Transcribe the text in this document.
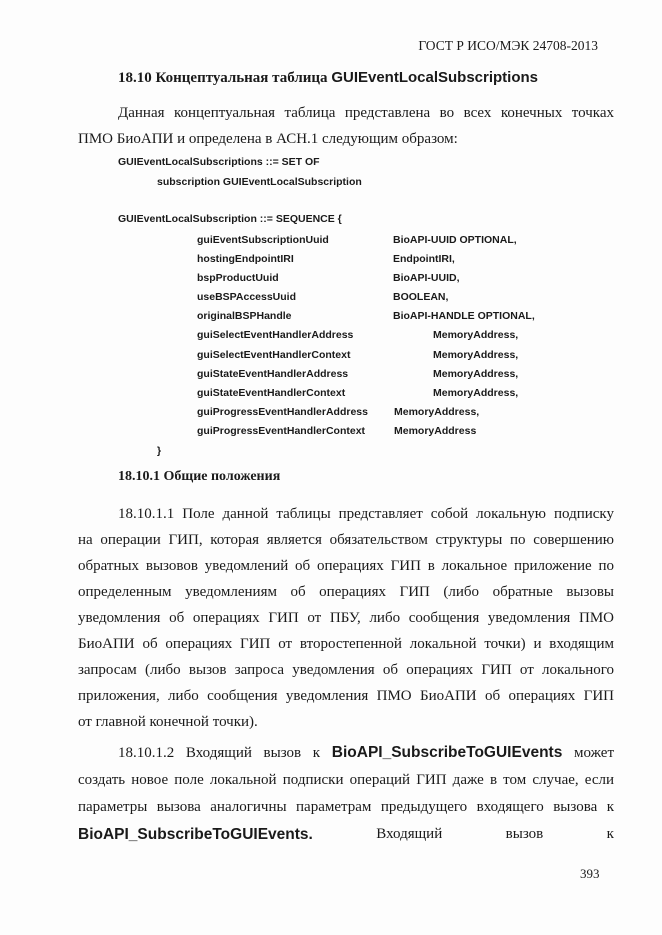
ГОСТ Р ИСО/МЭК 24708-2013
18.10 Концептуальная таблица GUIEventLocalSubscriptions

Данная концептуальная таблица представлена во всех конечных точках

ПМО БиоАПИ и определена в АСН.1 следующим образом:

GUIEventLocalSubscriptions ::= SET OF
subscription GUIEventLocalSubscription
GUIEventLocalSubscription ::= SEQUENCE {
guiEventSubscriptionUuid	BioAPI-UUID OPTIONAL,
hostingEndpointIRI	EndpointIRI,
bspProductUuid	BioAPI-UUID,
useBSPAccessUuid	BOOLEAN,
originalBSPHandle	BioAPI-HANDLE OPTIONAL,
guiSelectEventHandlerAddress	MemoryAddress,
guiSelectEventHandlerContext	MemoryAddress,
guiStateEventHandlerAddress	MemoryAddress,
guiStateEventHandlerContext	MemoryAddress,
guiProgressEventHandlerAddress MemoryAddress,
guiProgressEventHandlerContext	MemoryAddress
}
18.10.1 Общие положения

18.10.1.1 Поле данной таблицы представляет собой локальную подписку

на операции ГИП, которая является обязательством структуры по совершению

обратных вызовов уведомлений об операциях ГИП в локальное приложение по

определенным уведомлениям об операциях ГИП (либо обратные вызовы

уведомления об операциях ГИП от ПБУ, либо сообщения уведомления ПМО

БиоАПИ об операциях ГИП от второстепенной локальной точки) и входящим

запросам (либо вызов запроса уведомления об операциях ГИП от локального

приложения, либо сообщения уведомления ПМО БиоАПИ об операциях ГИП

от главной конечной точки).

18.10.1.2 Входящий вызов к BioAPI_SubscribeToGUIEvents может

создать новое поле локальной подписки операций ГИП даже в том случае, если

параметры вызова аналогичны параметрам предыдущего входящего вызова к

BioAPI_SubscribeToGUIEvents.	Входящий	вызов	к
393
